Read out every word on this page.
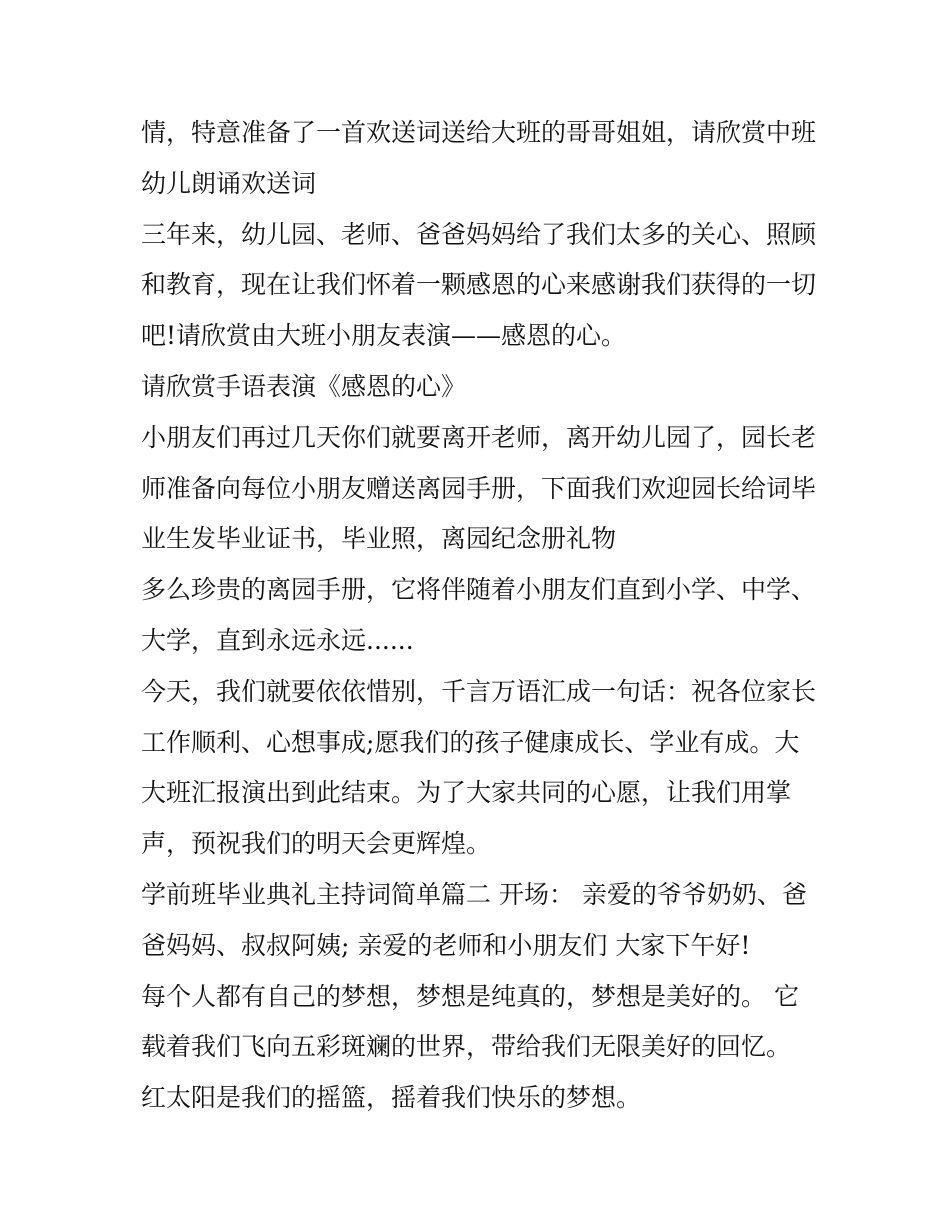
情，特意准备了一首欢送词送给大班的哥哥姐姐，请欣赏中班
幼儿朗诵欢送词
三年来，幼儿园、老师、爸爸妈妈给了我们太多的关心、照顾
和教育，现在让我们怀着一颗感恩的心来感谢我们获得的一切
吧!请欣赏由大班小朋友表演——感恩的心。
请欣赏手语表演《感恩的心》
小朋友们再过几天你们就要离开老师，离开幼儿园了，园长老
师准备向每位小朋友赠送离园手册，下面我们欢迎园长给词毕
业生发毕业证书，毕业照，离园纪念册礼物
多么珍贵的离园手册，它将伴随着小朋友们直到小学、中学、
大学，直到永远永远......
今天，我们就要依依惜别，千言万语汇成一句话：祝各位家长
工作顺利、心想事成;愿我们的孩子健康成长、学业有成。大
大班汇报演出到此结束。为了大家共同的心愿，让我们用掌
声，预祝我们的明天会更辉煌。
学前班毕业典礼主持词简单篇二 开场： 亲爱的爷爷奶奶、爸
爸妈妈、叔叔阿姨; 亲爱的老师和小朋友们 大家下午好!
每个人都有自己的梦想，梦想是纯真的，梦想是美好的。 它
载着我们飞向五彩斑斓的世界，带给我们无限美好的回忆。
红太阳是我们的摇篮，摇着我们快乐的梦想。
